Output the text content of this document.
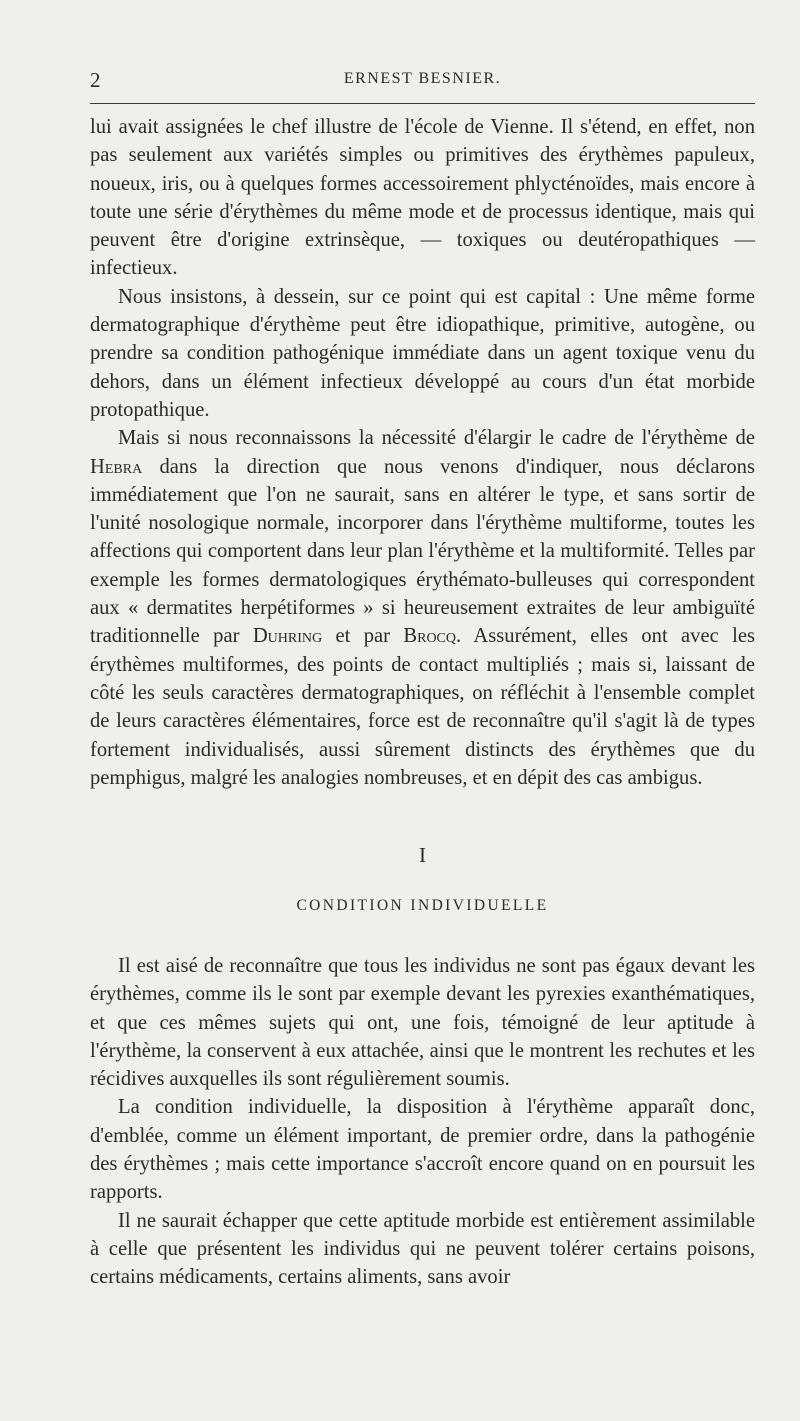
2	ERNEST BESNIER.

lui avait assignées le chef illustre de l'école de Vienne. Il s'étend, en effet, non pas seulement aux variétés simples ou primitives des érythèmes papuleux, noueux, iris, ou à quelques formes accessoirement phlycténoïdes, mais encore à toute une série d'érythèmes du même mode et de processus identique, mais qui peuvent être d'origine extrinsèque, — toxiques ou deutéropathiques — infectieux.

Nous insistons, à dessein, sur ce point qui est capital : Une même forme dermatographique d'érythème peut être idiopathique, primitive, autogène, ou prendre sa condition pathogénique immédiate dans un agent toxique venu du dehors, dans un élément infectieux développé au cours d'un état morbide protopathique.

Mais si nous reconnaissons la nécessité d'élargir le cadre de l'érythème de Hebra dans la direction que nous venons d'indiquer, nous déclarons immédiatement que l'on ne saurait, sans en altérer le type, et sans sortir de l'unité nosologique normale, incorporer dans l'érythème multiforme, toutes les affections qui comportent dans leur plan l'érythème et la multiformité. Telles par exemple les formes dermatologiques érythémato-bulleuses qui correspondent aux « dermatites herpétiformes » si heureusement extraites de leur ambiguïté traditionnelle par Duhring et par Brocq. Assurément, elles ont avec les érythèmes multiformes, des points de contact multipliés ; mais si, laissant de côté les seuls caractères dermatographiques, on réfléchit à l'ensemble complet de leurs caractères élémentaires, force est de reconnaître qu'il s'agit là de types fortement individualisés, aussi sûrement distincts des érythèmes que du pemphigus, malgré les analogies nombreuses, et en dépit des cas ambigus.

I
CONDITION INDIVIDUELLE

Il est aisé de reconnaître que tous les individus ne sont pas égaux devant les érythèmes, comme ils le sont par exemple devant les pyrexies exanthématiques, et que ces mêmes sujets qui ont, une fois, témoigné de leur aptitude à l'érythème, la conservent à eux attachée, ainsi que le montrent les rechutes et les récidives auxquelles ils sont régulièrement soumis.

La condition individuelle, la disposition à l'érythème apparaît donc, d'emblée, comme un élément important, de premier ordre, dans la pathogénie des érythèmes ; mais cette importance s'accroît encore quand on en poursuit les rapports.

Il ne saurait échapper que cette aptitude morbide est entièrement assimilable à celle que présentent les individus qui ne peuvent tolérer certains poisons, certains médicaments, certains aliments, sans avoir
